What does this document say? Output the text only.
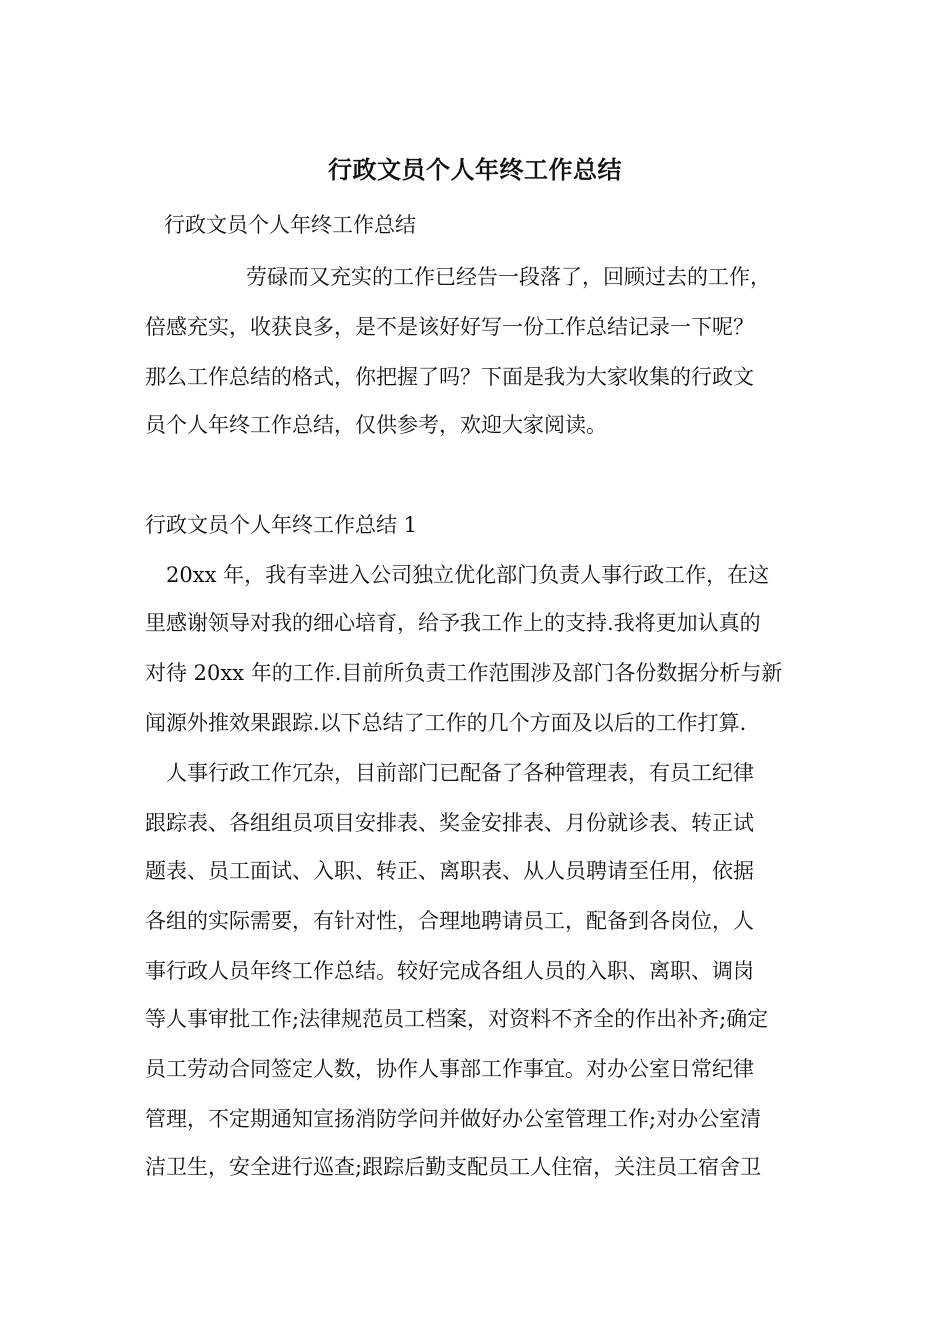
行政文员个人年终工作总结
行政文员个人年终工作总结
劳碌而又充实的工作已经告一段落了，回顾过去的工作，
倍感充实，收获良多，是不是该好好写一份工作总结记录一下呢？
那么工作总结的格式，你把握了吗？下面是我为大家收集的行政文
员个人年终工作总结，仅供参考，欢迎大家阅读。
行政文员个人年终工作总结 1
20xx 年，我有幸进入公司独立优化部门负责人事行政工作，在这
里感谢领导对我的细心培育，给予我工作上的支持.我将更加认真的
对待 20xx 年的工作.目前所负责工作范围涉及部门各份数据分析与新
闻源外推效果跟踪.以下总结了工作的几个方面及以后的工作打算.
人事行政工作冗杂，目前部门已配备了各种管理表，有员工纪律
跟踪表、各组组员项目安排表、奖金安排表、月份就诊表、转正试
题表、员工面试、入职、转正、离职表、从人员聘请至任用，依据
各组的实际需要，有针对性，合理地聘请员工，配备到各岗位，人
事行政人员年终工作总结。较好完成各组人员的入职、离职、调岗
等人事审批工作;法律规范员工档案，对资料不齐全的作出补齐;确定
员工劳动合同签定人数，协作人事部工作事宜。对办公室日常纪律
管理，不定期通知宣扬消防学问并做好办公室管理工作;对办公室清
洁卫生，安全进行巡查;跟踪后勤支配员工人住宿，关注员工宿舍卫
